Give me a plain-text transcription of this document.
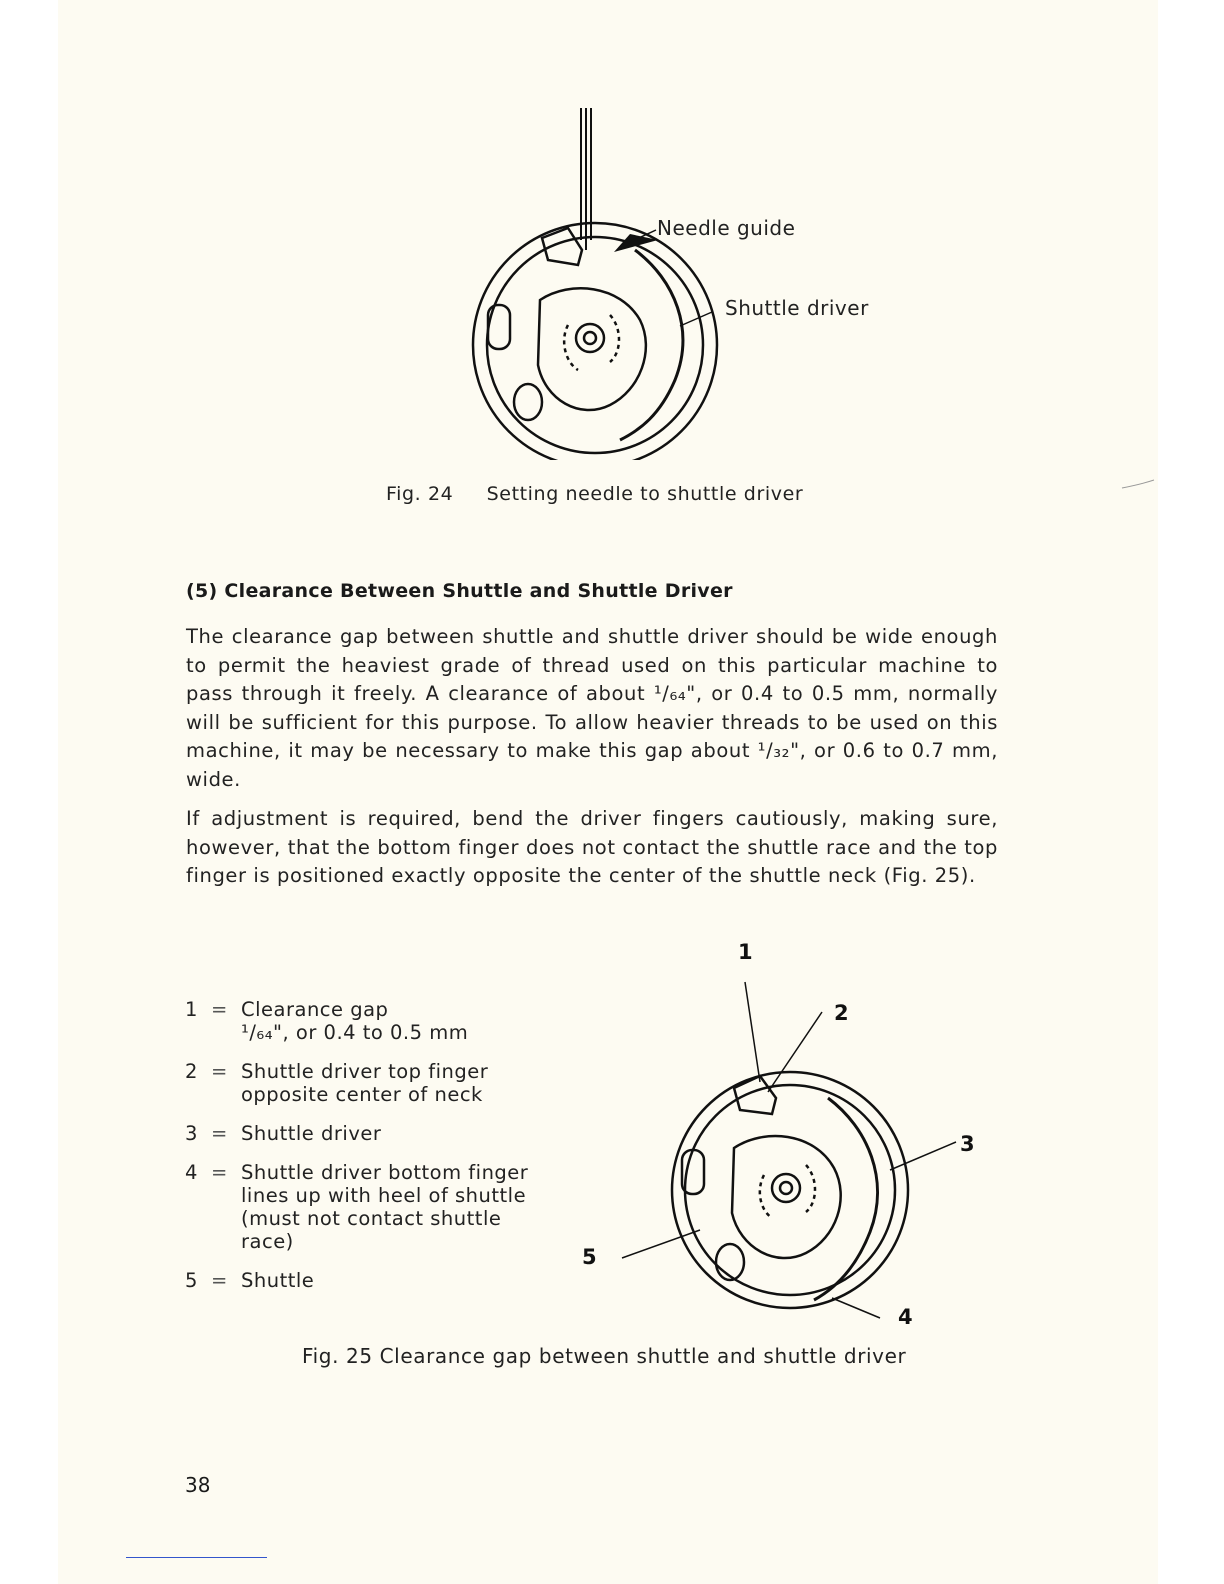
Needle guide
Shuttle driver
Fig. 24 Setting needle to shuttle driver
(5) Clearance Between Shuttle and Shuttle Driver

The clearance gap between shuttle and shuttle driver should be wide enough to permit the heaviest grade of thread used on this particular machine to pass through it freely. A clearance of about ¹/₆₄", or 0.4 to 0.5 mm, normally will be sufficient for this purpose. To allow heavier threads to be used on this machine, it may be necessary to make this gap about ¹/₃₂", or 0.6 to 0.7 mm, wide.

If adjustment is required, bend the driver fingers cautiously, making sure, however, that the bottom finger does not contact the shuttle race and the top finger is positioned exactly opposite the center of the shuttle neck (Fig. 25).

1 = Clearance gap
¹/₆₄", or 0.4 to 0.5 mm
2 = Shuttle driver top finger
opposite center of neck
3 = Shuttle driver
4 = Shuttle driver bottom finger
lines up with heel of shuttle
(must not contact shuttle
race)
5 = Shuttle
1
2
3
4
5
Fig. 25 Clearance gap between shuttle and shuttle driver
38
